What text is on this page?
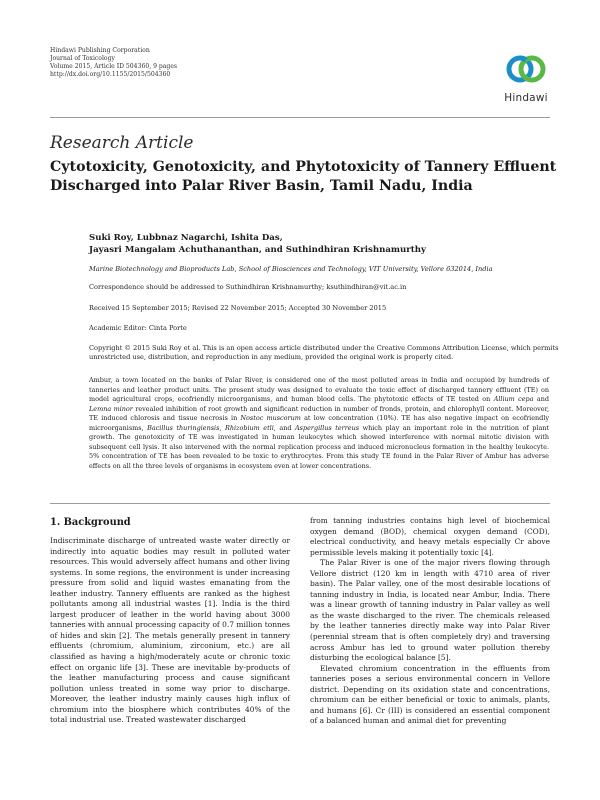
Hindawi Publishing Corporation
Journal of Toxicology
Volume 2015, Article ID 504360, 9 pages
http://dx.doi.org/10.1155/2015/504360
Hindawi
Research Article
Cytotoxicity, Genotoxicity, and Phytotoxicity of Tannery Effluent Discharged into Palar River Basin, Tamil Nadu, India
Suki Roy, Lubbnaz Nagarchi, Ishita Das,
Jayasri Mangalam Achuthananthan, and Suthindhiran Krishnamurthy
Marine Biotechnology and Bioproducts Lab, School of Biosciences and Technology, VIT University, Vellore 632014, India
Correspondence should be addressed to Suthindhiran Krishnamurthy; ksuthindhiran@vit.ac.in
Received 15 September 2015; Revised 22 November 2015; Accepted 30 November 2015
Academic Editor: Cinta Porte
Copyright © 2015 Suki Roy et al. This is an open access article distributed under the Creative Commons Attribution License, which permits unrestricted use, distribution, and reproduction in any medium, provided the original work is properly cited.
Ambur, a town located on the banks of Palar River, is considered one of the most polluted areas in India and occupied by hundreds of tanneries and leather product units. The present study was designed to evaluate the toxic effect of discharged tannery effluent (TE) on model agricultural crops, ecofriendly microorganisms, and human blood cells. The phytotoxic effects of TE tested on Allium cepa and Lemna minor revealed inhibition of root growth and significant reduction in number of fronds, protein, and chlorophyll content. Moreover, TE induced chlorosis and tissue necrosis in Nostoc muscorum at low concentration (10%). TE has also negative impact on ecofriendly microorganisms, Bacillus thuringiensis, Rhizobium etli, and Aspergillus terreus which play an important role in the nutrition of plant growth. The genotoxicity of TE was investigated in human leukocytes which showed interference with normal mitotic division with subsequent cell lysis. It also intervened with the normal replication process and induced micronucleus formation in the healthy leukocyte. 5% concentration of TE has been revealed to be toxic to erythrocytes. From this study TE found in the Palar River of Ambur has adverse effects on all the three levels of organisms in ecosystem even at lower concentrations.

1. Background

Indiscriminate discharge of untreated waste water directly or indirectly into aquatic bodies may result in polluted water resources. This would adversely affect humans and other living systems. In some regions, the environment is under increasing pressure from solid and liquid wastes emanating from the leather industry. Tannery effluents are ranked as the highest pollutants among all industrial wastes [1]. India is the third largest producer of leather in the world having about 3000 tanneries with annual processing capacity of 0.7 million tonnes of hides and skin [2]. The metals generally present in tannery effluents (chromium, aluminium, zirconium, etc.) are all classified as having a high/moderately acute or chronic toxic effect on organic life [3]. These are inevitable by-products of the leather manufacturing process and cause significant pollution unless treated in some way prior to discharge. Moreover, the leather industry mainly causes high influx of chromium into the biosphere which contributes 40% of the total industrial use. Treated wastewater discharged

from tanning industries contains high level of biochemical oxygen demand (BOD), chemical oxygen demand (COD), electrical conductivity, and heavy metals especially Cr above permissible levels making it potentially toxic [4].

The Palar River is one of the major rivers flowing through Vellore district (120 km in length with 4710 area of river basin). The Palar valley, one of the most desirable locations of tanning industry in India, is located near Ambur, India. There was a linear growth of tanning industry in Palar valley as well as the waste discharged to the river. The chemicals released by the leather tanneries directly make way into Palar River (perennial stream that is often completely dry) and traversing across Ambur has led to ground water pollution thereby disturbing the ecological balance [5].

Elevated chromium concentration in the effluents from tanneries poses a serious environmental concern in Vellore district. Depending on its oxidation state and concentrations, chromium can be either beneficial or toxic to animals, plants, and humans [6]. Cr (III) is considered an essential component of a balanced human and animal diet for preventing
